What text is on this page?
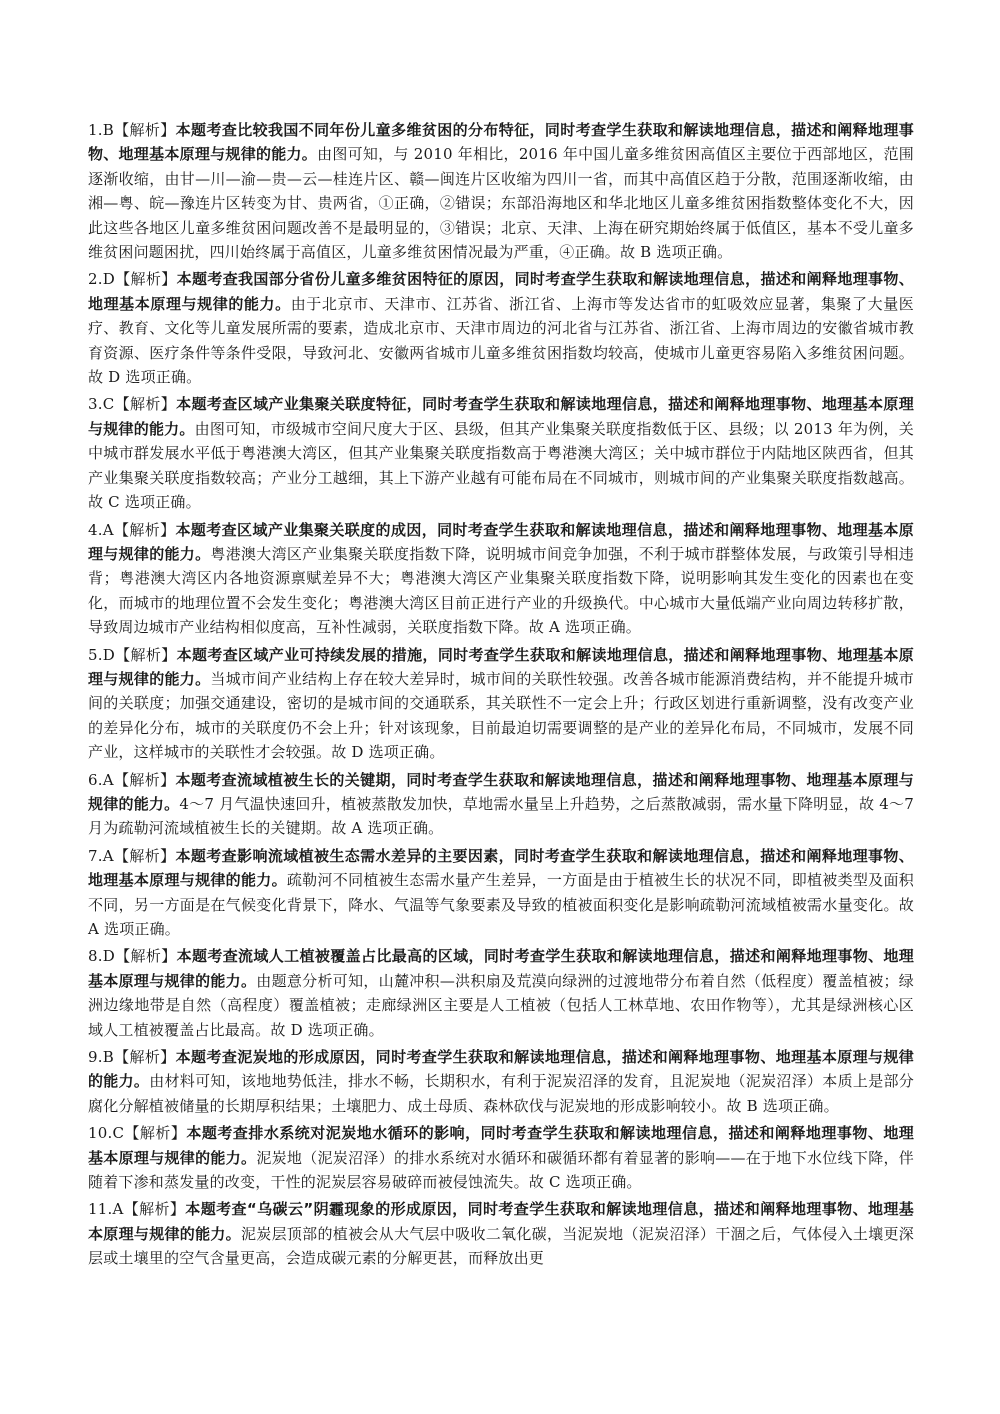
1.B【解析】本题考查比较我国不同年份儿童多维贫困的分布特征，同时考查学生获取和解读地理信息，描述和阐释地理事物、地理基本原理与规律的能力。由图可知，与 2010 年相比，2016 年中国儿童多维贫困高值区主要位于西部地区，范围逐渐收缩，由甘—川—渝—贵—云—桂连片区、赣—闽连片区收缩为四川一省，而其中高值区趋于分散，范围逐渐收缩，由湘—粤、皖—豫连片区转变为甘、贵两省，①正确，②错误；东部沿海地区和华北地区儿童多维贫困指数整体变化不大，因此这些各地区儿童多维贫困问题改善不是最明显的，③错误；北京、天津、上海在研究期始终属于低值区，基本不受儿童多维贫困问题困扰，四川始终属于高值区，儿童多维贫困情况最为严重，④正确。故 B 选项正确。

2.D【解析】本题考查我国部分省份儿童多维贫困特征的原因，同时考查学生获取和解读地理信息，描述和阐释地理事物、地理基本原理与规律的能力。由于北京市、天津市、江苏省、浙江省、上海市等发达省市的虹吸效应显著，集聚了大量医疗、教育、文化等儿童发展所需的要素，造成北京市、天津市周边的河北省与江苏省、浙江省、上海市周边的安徽省城市教育资源、医疗条件等条件受限，导致河北、安徽两省城市儿童多维贫困指数均较高，使城市儿童更容易陷入多维贫困问题。故 D 选项正确。

3.C【解析】本题考查区域产业集聚关联度特征，同时考查学生获取和解读地理信息，描述和阐释地理事物、地理基本原理与规律的能力。由图可知，市级城市空间尺度大于区、县级，但其产业集聚关联度指数低于区、县级；以 2013 年为例，关中城市群发展水平低于粤港澳大湾区，但其产业集聚关联度指数高于粤港澳大湾区；关中城市群位于内陆地区陕西省，但其产业集聚关联度指数较高；产业分工越细，其上下游产业越有可能布局在不同城市，则城市间的产业集聚关联度指数越高。故 C 选项正确。

4.A【解析】本题考查区域产业集聚关联度的成因，同时考查学生获取和解读地理信息，描述和阐释地理事物、地理基本原理与规律的能力。粤港澳大湾区产业集聚关联度指数下降，说明城市间竞争加强，不利于城市群整体发展，与政策引导相违背；粤港澳大湾区内各地资源禀赋差异不大；粤港澳大湾区产业集聚关联度指数下降，说明影响其发生变化的因素也在变化，而城市的地理位置不会发生变化；粤港澳大湾区目前正进行产业的升级换代。中心城市大量低端产业向周边转移扩散，导致周边城市产业结构相似度高，互补性减弱，关联度指数下降。故 A 选项正确。

5.D【解析】本题考查区域产业可持续发展的措施，同时考查学生获取和解读地理信息，描述和阐释地理事物、地理基本原理与规律的能力。当城市间产业结构上存在较大差异时，城市间的关联性较强。改善各城市能源消费结构，并不能提升城市间的关联度；加强交通建设，密切的是城市间的交通联系，其关联性不一定会上升；行政区划进行重新调整，没有改变产业的差异化分布，城市的关联度仍不会上升；针对该现象，目前最迫切需要调整的是产业的差异化布局，不同城市，发展不同产业，这样城市的关联性才会较强。故 D 选项正确。

6.A【解析】本题考查流域植被生长的关键期，同时考查学生获取和解读地理信息，描述和阐释地理事物、地理基本原理与规律的能力。4～7 月气温快速回升，植被蒸散发加快，草地需水量呈上升趋势，之后蒸散减弱，需水量下降明显，故 4～7 月为疏勒河流域植被生长的关键期。故 A 选项正确。

7.A【解析】本题考查影响流域植被生态需水差异的主要因素，同时考查学生获取和解读地理信息，描述和阐释地理事物、地理基本原理与规律的能力。疏勒河不同植被生态需水量产生差异，一方面是由于植被生长的状况不同，即植被类型及面积不同，另一方面是在气候变化背景下，降水、气温等气象要素及导致的植被面积变化是影响疏勒河流域植被需水量变化。故 A 选项正确。

8.D【解析】本题考查流域人工植被覆盖占比最高的区域，同时考查学生获取和解读地理信息，描述和阐释地理事物、地理基本原理与规律的能力。由题意分析可知，山麓冲积—洪积扇及荒漠向绿洲的过渡地带分布着自然（低程度）覆盖植被；绿洲边缘地带是自然（高程度）覆盖植被；走廊绿洲区主要是人工植被（包括人工林草地、农田作物等），尤其是绿洲核心区域人工植被覆盖占比最高。故 D 选项正确。

9.B【解析】本题考查泥炭地的形成原因，同时考查学生获取和解读地理信息，描述和阐释地理事物、地理基本原理与规律的能力。由材料可知，该地地势低洼，排水不畅，长期积水，有利于泥炭沼泽的发育，且泥炭地（泥炭沼泽）本质上是部分腐化分解植被储量的长期厚积结果；土壤肥力、成土母质、森林砍伐与泥炭地的形成影响较小。故 B 选项正确。

10.C【解析】本题考查排水系统对泥炭地水循环的影响，同时考查学生获取和解读地理信息，描述和阐释地理事物、地理基本原理与规律的能力。泥炭地（泥炭沼泽）的排水系统对水循环和碳循环都有着显著的影响——在于地下水位线下降，伴随着下渗和蒸发量的改变，干性的泥炭层容易破碎而被侵蚀流失。故 C 选项正确。

11.A【解析】本题考查“乌碳云”阴霾现象的形成原因，同时考查学生获取和解读地理信息，描述和阐释地理事物、地理基本原理与规律的能力。泥炭层顶部的植被会从大气层中吸收二氧化碳，当泥炭地（泥炭沼泽）干涸之后，气体侵入土壤更深层或土壤里的空气含量更高，会造成碳元素的分解更甚，而释放出更
